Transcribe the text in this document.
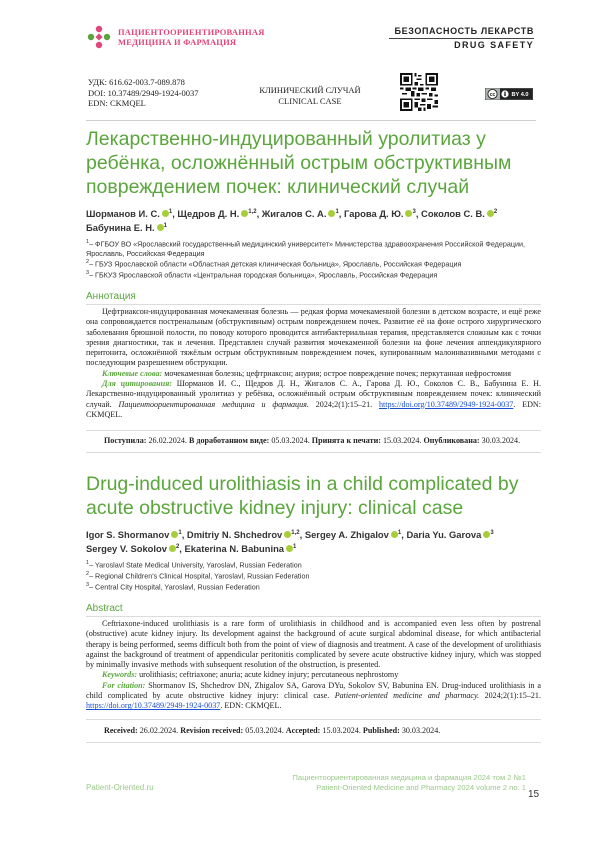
ПАЦИЕНТООРИЕНТИРОВАННАЯ
МЕДИЦИНА И ФАРМАЦИЯ
БЕЗОПАСНОСТЬ ЛЕКАРСТВ
DRUG SAFETY
УДК: 616.62-003.7-089.878
DOI: 10.37489/2949-1924-0037
EDN: CKMQEL
КЛИНИЧЕСКИЙ СЛУЧАЙ
CLINICAL CASE
cc	BY 4.0
Лекарственно-индуцированный уролитиаз у ребёнка, осложнённый острым обструктивным повреждением почек: клинический случай
Шорманов И. С. $^1$, Щедров Д. Н. $^{1,2}$, Жигалов С. А. $^1$, Гарова Д. Ю. $^3$, Соколов С. В. $^2$
Бабунина Е. Н. $^1$
$^1$– ФГБОУ ВО «Ярославский государственный медицинский университет» Министерства здравоохранения Российской Федерации, Ярославль, Российская Федерация
$^2$– ГБУЗ Ярославской области «Областная детская клиническая больница», Ярославль, Российская Федерация
$^3$– ГБКУЗ Ярославской области «Центральная городская больница», Ярославль, Российская Федерация
Аннотация

Цефтриаксон-индуцированная мочекаменная болезнь — редкая форма мочекаменной болезни в детском возрасте, и ещё реже она сопровождается постренальным (обструктивным) острым повреждением почек. Развитие её на фоне острого хирургического заболевания брюшной полости, по поводу которого проводится антибактериальная терапия, представляется сложным как с точки зрения диагностики, так и лечения. Представлен случай развития мочекаменной болезни на фоне лечения аппендикулярного перитонита, осложнённой тяжёлым острым обструктивным повреждением почек, купированным малоинвазивными методами с последующим разрешением обструкции.

Ключевые слова: мочекаменная болезнь; цефтриаксон; анурия; острое повреждение почек; перкутанная нефростомия

Для цитирования: Шорманов И. С., Щедров Д. Н., Жигалов С. А., Гарова Д. Ю., Соколов С. В., Бабунина Е. Н. Лекарственно-индуцированный уролитиаз у ребёнка, осложнённый острым обструктивным повреждением почек: клинический случай. Пациентоориентированная медицина и фармация. 2024;2(1):15–21. https://doi.org/10.37489/2949-1924-0037. EDN: CKMQEL.

Поступила: 26.02.2024. В доработанном виде: 05.03.2024. Принята к печати: 15.03.2024. Опубликована: 30.03.2024.
Drug-induced urolithiasis in a child complicated by acute obstructive kidney injury: clinical case
Igor S. Shormanov $^1$, Dmitriy N. Shchedrov $^{1,2}$, Sergey A. Zhigalov $^1$, Daria Yu. Garova $^3$
Sergey V. Sokolov $^2$, Ekaterina N. Babunina $^1$
$^1$– Yaroslavl State Medical University, Yaroslavl, Russian Federation
$^2$– Regional Children's Clinical Hospital, Yaroslavl, Russian Federation
$^3$– Central City Hospital, Yaroslavl, Russian Federation
Abstract

Ceftriaxone-induced urolithiasis is a rare form of urolithiasis in childhood and is accompanied even less often by postrenal (obstructive) acute kidney injury. Its development against the background of acute surgical abdominal disease, for which antibacterial therapy is being performed, seems difficult both from the point of view of diagnosis and treatment. A case of the development of urolithiasis against the background of treatment of appendicular peritonitis complicated by severe acute obstructive kidney injury, which was stopped by minimally invasive methods with subsequent resolution of the obstruction, is presented.

Keywords: urolithiasis; ceftriaxone; anuria; acute kidney injury; percutaneous nephrostomy

For citation: Shormanov IS, Shchedrov DN, Zhigalov SA, Garova DYu, Sokolov SV, Babunina EN. Drug-induced urolithiasis in a child complicated by acute obstructive kidney injury: clinical case. Patient-oriented medicine and pharmacy. 2024;2(1):15–21. https://doi.org/10.37489/2949-1924-0037. EDN: CKMQEL.

Received: 26.02.2024. Revision received: 05.03.2024. Accepted: 15.03.2024. Published: 30.03.2024.
Patient-Oriented.ru
Пациентоориентированная медицина и фармация 2024 том 2 №1
Patient-Oriented Medicine and Pharmacy 2024 volume 2 no. 1
15
